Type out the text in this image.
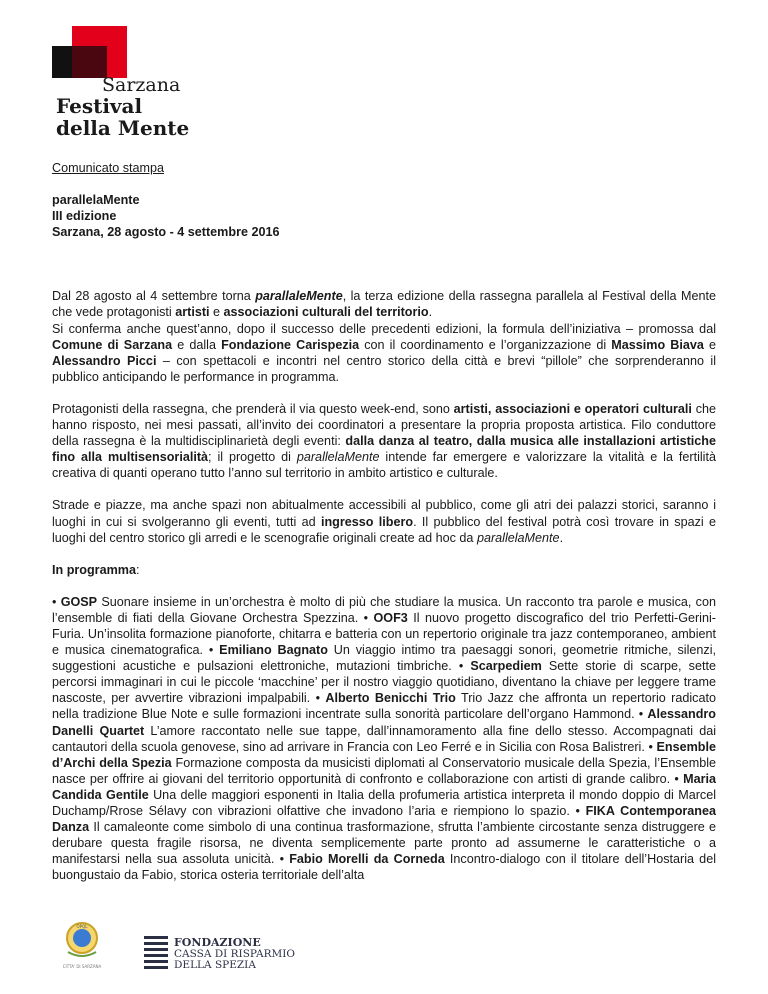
Sarzana
Festival
della Mente
Comunicato stampa
parallelaMente
III edizione
Sarzana, 28 agosto - 4 settembre 2016

Dal 28 agosto al 4 settembre torna parallaleMente, la terza edizione della rassegna parallela al Festival della Mente che vede protagonisti artisti e associazioni culturali del territorio.
Si conferma anche quest’anno, dopo il successo delle precedenti edizioni, la formula dell’iniziativa – promossa dal Comune di Sarzana e dalla Fondazione Carispezia con il coordinamento e l’organizzazione di Massimo Biava e Alessandro Picci – con spettacoli e incontri nel centro storico della città e brevi “pillole” che sorprenderanno il pubblico anticipando le performance in programma.

Protagonisti della rassegna, che prenderà il via questo week-end, sono artisti, associazioni e operatori culturali che hanno risposto, nei mesi passati, all’invito dei coordinatori a presentare la propria proposta artistica. Filo conduttore della rassegna è la multidisciplinarietà degli eventi: dalla danza al teatro, dalla musica alle installazioni artistiche fino alla multisensorialità; il progetto di parallelaMente intende far emergere e valorizzare la vitalità e la fertilità creativa di quanti operano tutto l’anno sul territorio in ambito artistico e culturale.

Strade e piazze, ma anche spazi non abitualmente accessibili al pubblico, come gli atri dei palazzi storici, saranno i luoghi in cui si svolgeranno gli eventi, tutti ad ingresso libero. Il pubblico del festival potrà così trovare in spazi e luoghi del centro storico gli arredi e le scenografie originali create ad hoc da parallelaMente.

In programma:

• GOSP Suonare insieme in un’orchestra è molto di più che studiare la musica. Un racconto tra parole e musica, con l’ensemble di fiati della Giovane Orchestra Spezzina. • OOF3 Il nuovo progetto discografico del trio Perfetti-Gerini-Furia. Un’insolita formazione pianoforte, chitarra e batteria con un repertorio originale tra jazz contemporaneo, ambient e musica cinematografica. • Emiliano Bagnato Un viaggio intimo tra paesaggi sonori, geometrie ritmiche, silenzi, suggestioni acustiche e pulsazioni elettroniche, mutazioni timbriche. • Scarpediem Sette storie di scarpe, sette percorsi immaginari in cui le piccole ‘macchine’ per il nostro viaggio quotidiano, diventano la chiave per leggere trame nascoste, per avvertire vibrazioni impalpabili. • Alberto Benicchi Trio Trio Jazz che affronta un repertorio radicato nella tradizione Blue Note e sulle formazioni incentrate sulla sonorità particolare dell’organo Hammond. • Alessandro Danelli Quartet L’amore raccontato nelle sue tappe, dall’innamoramento alla fine dello stesso. Accompagnati dai cantautori della scuola genovese, sino ad arrivare in Francia con Leo Ferré e in Sicilia con Rosa Balistreri. • Ensemble d’Archi della Spezia Formazione composta da musicisti diplomati al Conservatorio musicale della Spezia, l’Ensemble nasce per offrire ai giovani del territorio opportunità di confronto e collaborazione con artisti di grande calibro. • Maria Candida Gentile Una delle maggiori esponenti in Italia della profumeria artistica interpreta il mondo doppio di Marcel Duchamp/Rrose Sélavy con vibrazioni olfattive che invadono l’aria e riempiono lo spazio. • FIKA Contemporanea Danza Il camaleonte come simbolo di una continua trasformazione, sfrutta l’ambiente circostante senza distruggere e derubare questa fragile risorsa, ne diventa semplicemente parte pronto ad assumerne le caratteristiche o a manifestarsi nella sua assoluta unicità. • Fabio Morelli da Corneda Incontro-dialogo con il titolare dell’Hostaria del buongustaio da Fabio, storica osteria territoriale dell’alta

OPQL
CITTA' DI SARZANA
FONDAZIONE
CASSA DI RISPARMIO
DELLA SPEZIA
